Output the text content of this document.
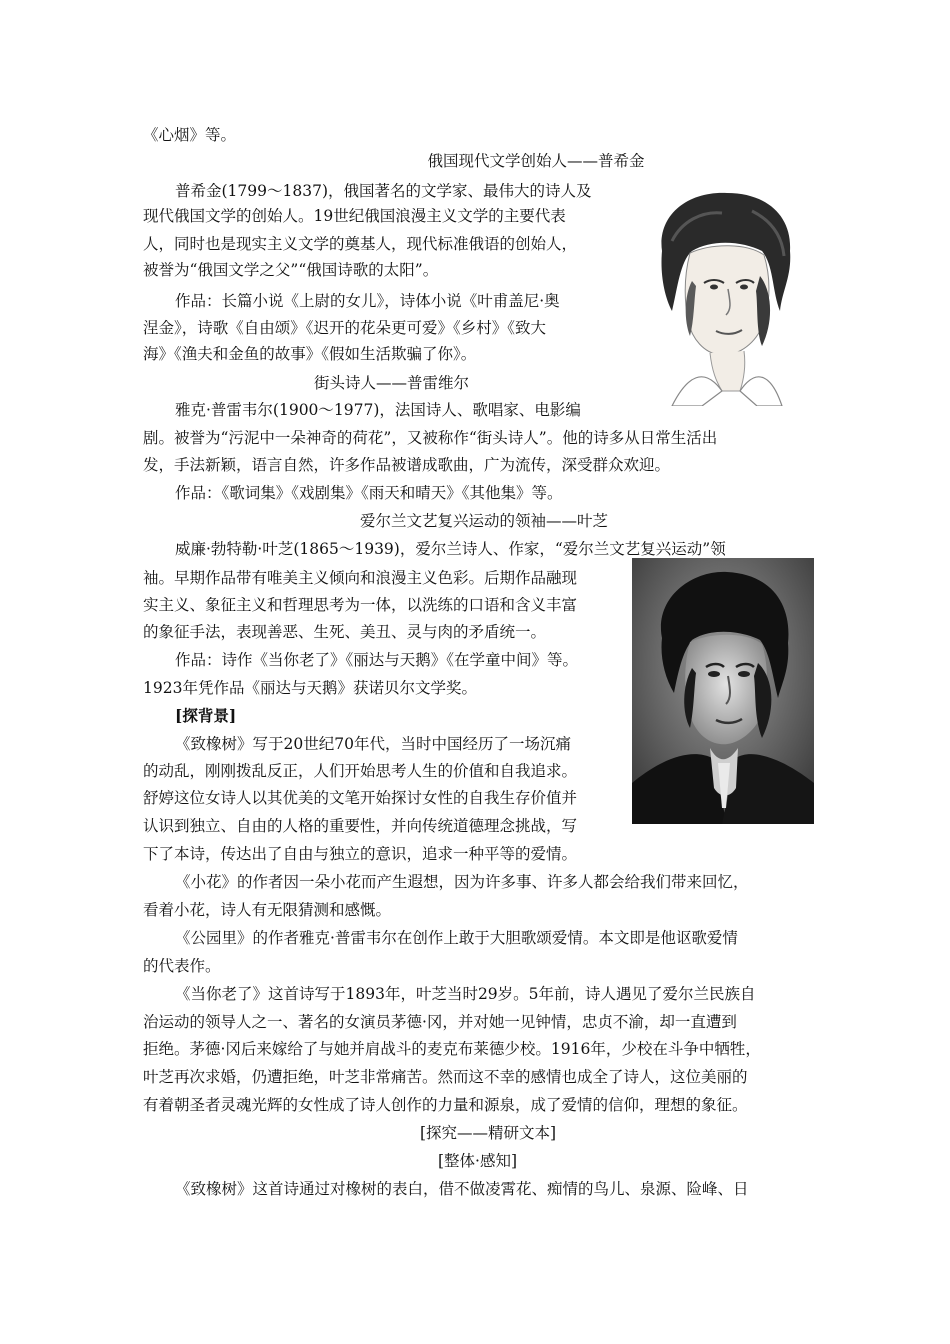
《心烟》等。
俄国现代文学创始人——普希金
普希金(1799～1837)，俄国著名的文学家、最伟大的诗人及
现代俄国文学的创始人。19世纪俄国浪漫主义文学的主要代表
人，同时也是现实主义文学的奠基人，现代标准俄语的创始人，
被誉为“俄国文学之父”“俄国诗歌的太阳”。
作品：长篇小说《上尉的女儿》，诗体小说《叶甫盖尼·奥
涅金》，诗歌《自由颂》《迟开的花朵更可爱》《乡村》《致大
海》《渔夫和金鱼的故事》《假如生活欺骗了你》。
街头诗人——普雷维尔
雅克·普雷韦尔(1900～1977)，法国诗人、歌唱家、电影编
剧。被誉为“污泥中一朵神奇的荷花”，又被称作“街头诗人”。他的诗多从日常生活出
发，手法新颖，语言自然，许多作品被谱成歌曲，广为流传，深受群众欢迎。
作品：《歌词集》《戏剧集》《雨天和晴天》《其他集》等。
爱尔兰文艺复兴运动的领袖——叶芝
威廉·勃特勒·叶芝(1865～1939)，爱尔兰诗人、作家，“爱尔兰文艺复兴运动”领
袖。早期作品带有唯美主义倾向和浪漫主义色彩。后期作品融现
实主义、象征主义和哲理思考为一体，以洗练的口语和含义丰富
的象征手法，表现善恶、生死、美丑、灵与肉的矛盾统一。
作品：诗作《当你老了》《丽达与天鹅》《在学童中间》等。
1923年凭作品《丽达与天鹅》获诺贝尔文学奖。
[探背景]
《致橡树》写于20世纪70年代，当时中国经历了一场沉痛
的动乱，刚刚拨乱反正，人们开始思考人生的价值和自我追求。
舒婷这位女诗人以其优美的文笔开始探讨女性的自我生存价值并
认识到独立、自由的人格的重要性，并向传统道德理念挑战，写
下了本诗，传达出了自由与独立的意识，追求一种平等的爱情。
《小花》的作者因一朵小花而产生遐想，因为许多事、许多人都会给我们带来回忆，
看着小花，诗人有无限猜测和感慨。
《公园里》的作者雅克·普雷韦尔在创作上敢于大胆歌颂爱情。本文即是他讴歌爱情
的代表作。
《当你老了》这首诗写于1893年，叶芝当时29岁。5年前，诗人遇见了爱尔兰民族自
治运动的领导人之一、著名的女演员茅德·冈，并对她一见钟情，忠贞不渝，却一直遭到
拒绝。茅德·冈后来嫁给了与她并肩战斗的麦克布莱德少校。1916年，少校在斗争中牺牲，
叶芝再次求婚，仍遭拒绝，叶芝非常痛苦。然而这不幸的感情也成全了诗人，这位美丽的
有着朝圣者灵魂光辉的女性成了诗人创作的力量和源泉，成了爱情的信仰，理想的象征。
[探究——精研文本]
[整体·感知]
《致橡树》这首诗通过对橡树的表白，借不做凌霄花、痴情的鸟儿、泉源、险峰、日
